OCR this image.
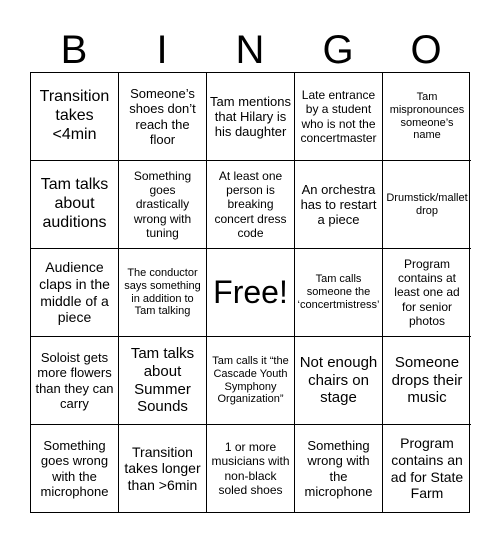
B	I	N	G	O
Transition takes <4min
Someone’s shoes don’t reach the floor
Tam mentions that Hilary is his daughter
Late entrance by a student who is not the concertmaster
Tam mispronounces someone’s name
Tam talks about auditions
Something goes drastically wrong with tuning
At least one person is breaking concert dress code
An orchestra has to restart a piece
Drumstick/mallet drop
Audience claps in the middle of a piece
The conductor says something in addition to Tam talking
Free!	Tam calls someone the ‘concertmistress’
Program contains at least one ad for senior photos
Soloist gets more flowers than they can carry
Tam talks about Summer Sounds
Tam calls it “the Cascade Youth Symphony Organization”
Not enough chairs on stage
Someone drops their music
Something goes wrong with the microphone
Transition takes longer than >6min
1 or more musicians with non-black soled shoes
Something wrong with the microphone
Program contains an ad for State Farm
